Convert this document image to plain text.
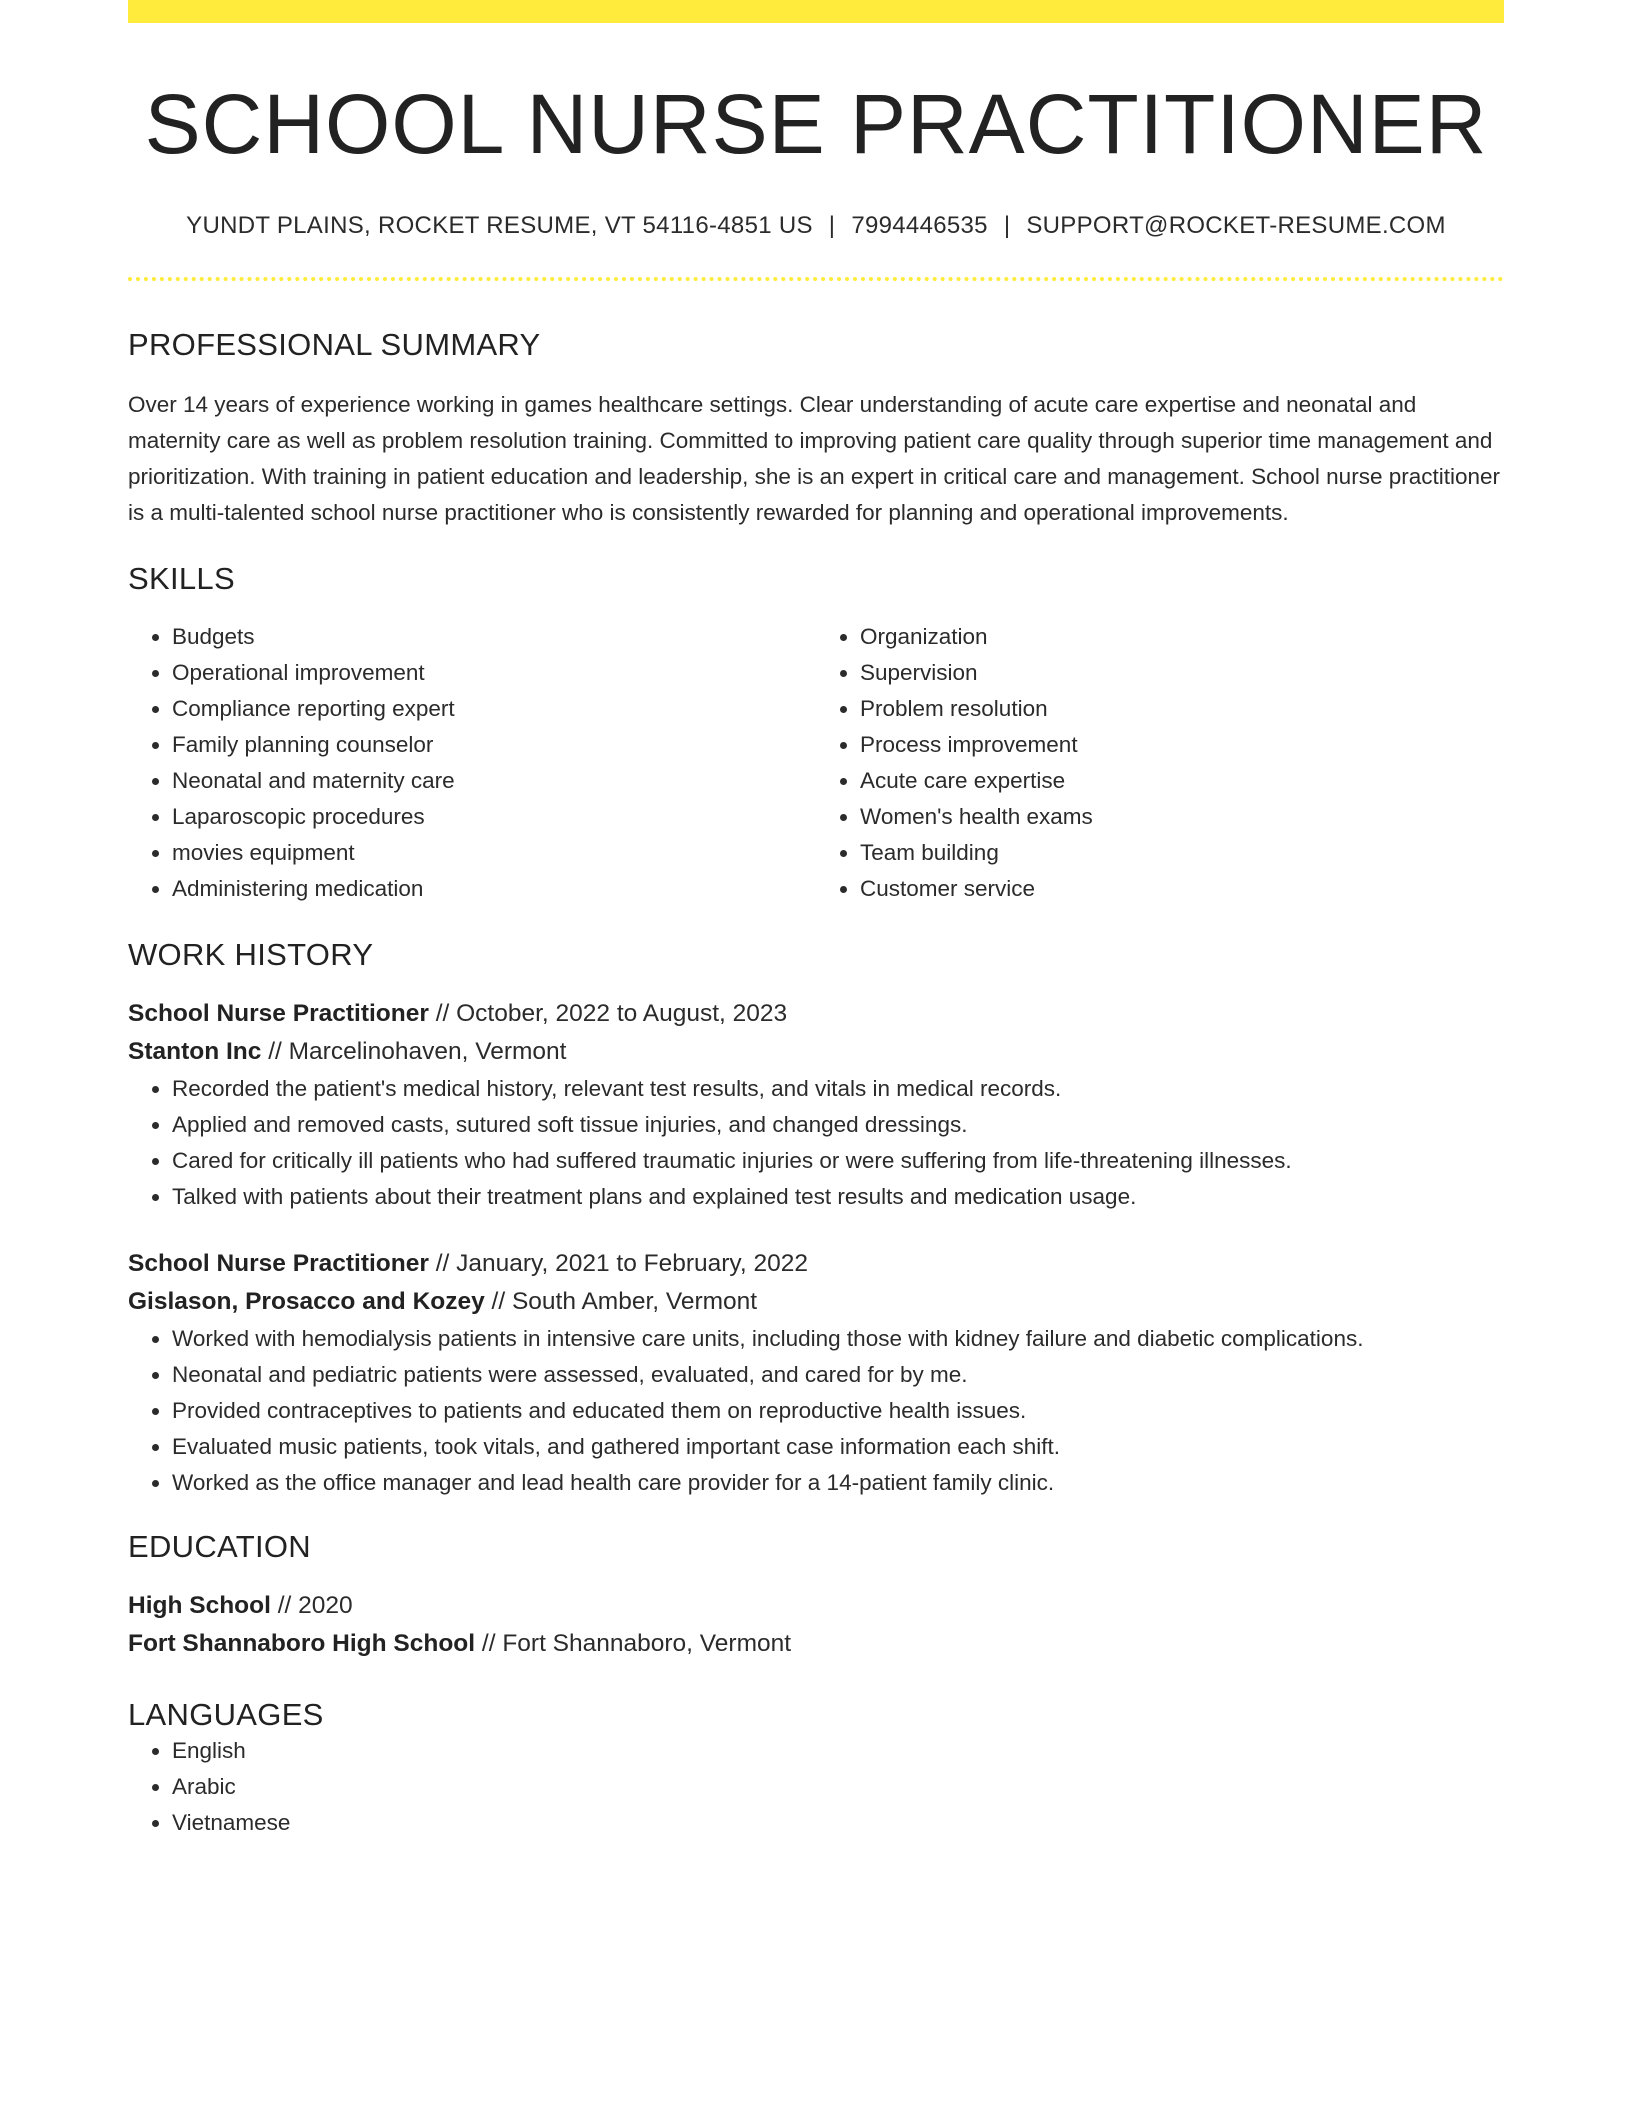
SCHOOL NURSE PRACTITIONER
YUNDT PLAINS, ROCKET RESUME, VT 54116-4851 US | 7994446535 | SUPPORT@ROCKET-RESUME.COM
PROFESSIONAL SUMMARY

Over 14 years of experience working in games healthcare settings. Clear understanding of acute care expertise and neonatal and maternity care as well as problem resolution training. Committed to improving patient care quality through superior time management and prioritization. With training in patient education and leadership, she is an expert in critical care and management. School nurse practitioner is a multi-talented school nurse practitioner who is consistently rewarded for planning and operational improvements.

SKILLS
• Budgets
• Operational improvement
• Compliance reporting expert
• Family planning counselor
• Neonatal and maternity care
• Laparoscopic procedures
• movies equipment
• Administering medication
• Organization
• Supervision
• Problem resolution
• Process improvement
• Acute care expertise
• Women's health exams
• Team building
• Customer service
WORK HISTORY
School Nurse Practitioner // October, 2022 to August, 2023
Stanton Inc // Marcelinohaven, Vermont
• Recorded the patient's medical history, relevant test results, and vitals in medical records.
• Applied and removed casts, sutured soft tissue injuries, and changed dressings.
• Cared for critically ill patients who had suffered traumatic injuries or were suffering from life-threatening illnesses.
• Talked with patients about their treatment plans and explained test results and medication usage.
School Nurse Practitioner // January, 2021 to February, 2022
Gislason, Prosacco and Kozey // South Amber, Vermont
• Worked with hemodialysis patients in intensive care units, including those with kidney failure and diabetic complications.
• Neonatal and pediatric patients were assessed, evaluated, and cared for by me.
• Provided contraceptives to patients and educated them on reproductive health issues.
• Evaluated music patients, took vitals, and gathered important case information each shift.
• Worked as the office manager and lead health care provider for a 14-patient family clinic.
EDUCATION
High School // 2020
Fort Shannaboro High School // Fort Shannaboro, Vermont
LANGUAGES
• English
• Arabic
• Vietnamese
